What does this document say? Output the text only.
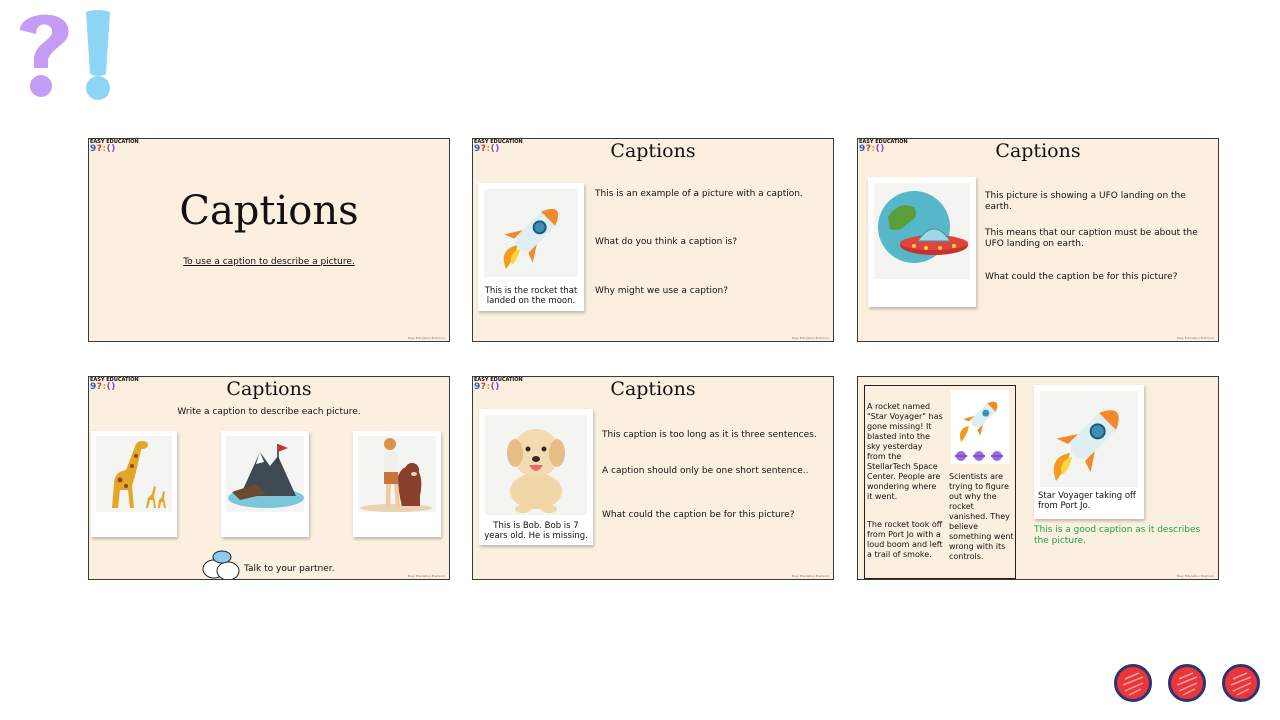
EASY EDUCATION
9?:()
Captions
To use a caption to describe a picture.
Easy Education Premium
EASY EDUCATION
9?:()	Captions
This is the rocket that landed on the moon.
This is an example of a picture with a caption.
What do you think a caption is?
Why might we use a caption?
Easy Education Premium
EASY EDUCATION
9?:()	Captions
This picture is showing a UFO landing on the earth.
This means that our caption must be about the UFO landing on earth.
What could the caption be for this picture?
Easy Education Premium
EASY EDUCATION
9?:()	Captions
Write a caption to describe each picture.
Talk to your partner.
Easy Education Premium
EASY EDUCATION
9?:()	Captions
This is Bob. Bob is 7 years old. He is missing.
This caption is too long as it is three sentences.
A caption should only be one short sentence..
What could the caption be for this picture?
Easy Education Premium
A rocket named "Star Voyager" has gone missing! It blasted into the sky yesterday from the StellarTech Space Center. People are wondering where it went.
The rocket took off from Port Jo with a loud boom and left a trail of smoke.
Scientists are trying to figure out why the rocket vanished. They believe something went wrong with its controls.
Star Voyager taking off from Port Jo.
This is a good caption as it describes the picture.
Easy Education Premium
